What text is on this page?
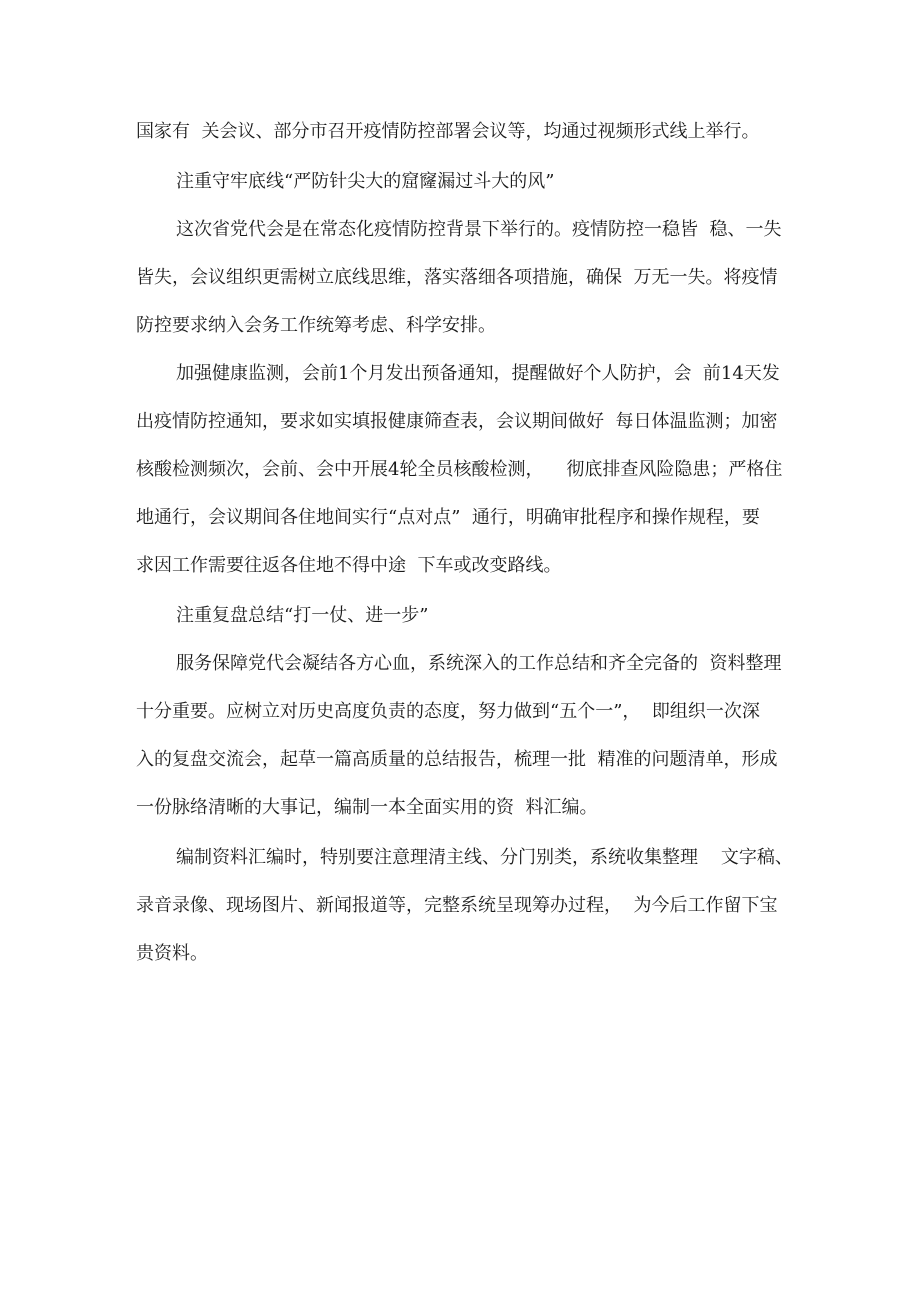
国家有  关会议、部分市召开疫情防控部署会议等，均通过视频形式线上举行。
注重守牢底线“严防针尖大的窟窿漏过斗大的风”
这次省党代会是在常态化疫情防控背景下举行的。疫情防控一稳皆  稳、一失
皆失，会议组织更需树立底线思维，落实落细各项措施，确保  万无一失。将疫情
防控要求纳入会务工作统筹考虑、科学安排。
加强健康监测，会前1个月发出预备通知，提醒做好个人防护，会  前14天发
出疫情防控通知，要求如实填报健康筛查表，会议期间做好  每日体温监测；加密
核酸检测频次，会前、会中开展4轮全员核酸检测，    彻底排查风险隐患；严格住
地通行，会议期间各住地间实行“点对点”  通行，明确审批程序和操作规程，要
求因工作需要往返各住地不得中途  下车或改变路线。
注重复盘总结“打一仗、进一步”
服务保障党代会凝结各方心血，系统深入的工作总结和齐全完备的  资料整理
十分重要。应树立对历史高度负责的态度，努力做到“五个一”，  即组织一次深
入的复盘交流会，起草一篇高质量的总结报告，梳理一批  精准的问题清单，形成
一份脉络清晰的大事记，编制一本全面实用的资  料汇编。
编制资料汇编时，特别要注意理清主线、分门别类，系统收集整理    文字稿、
录音录像、现场图片、新闻报道等，完整系统呈现筹办过程，  为今后工作留下宝
贵资料。
